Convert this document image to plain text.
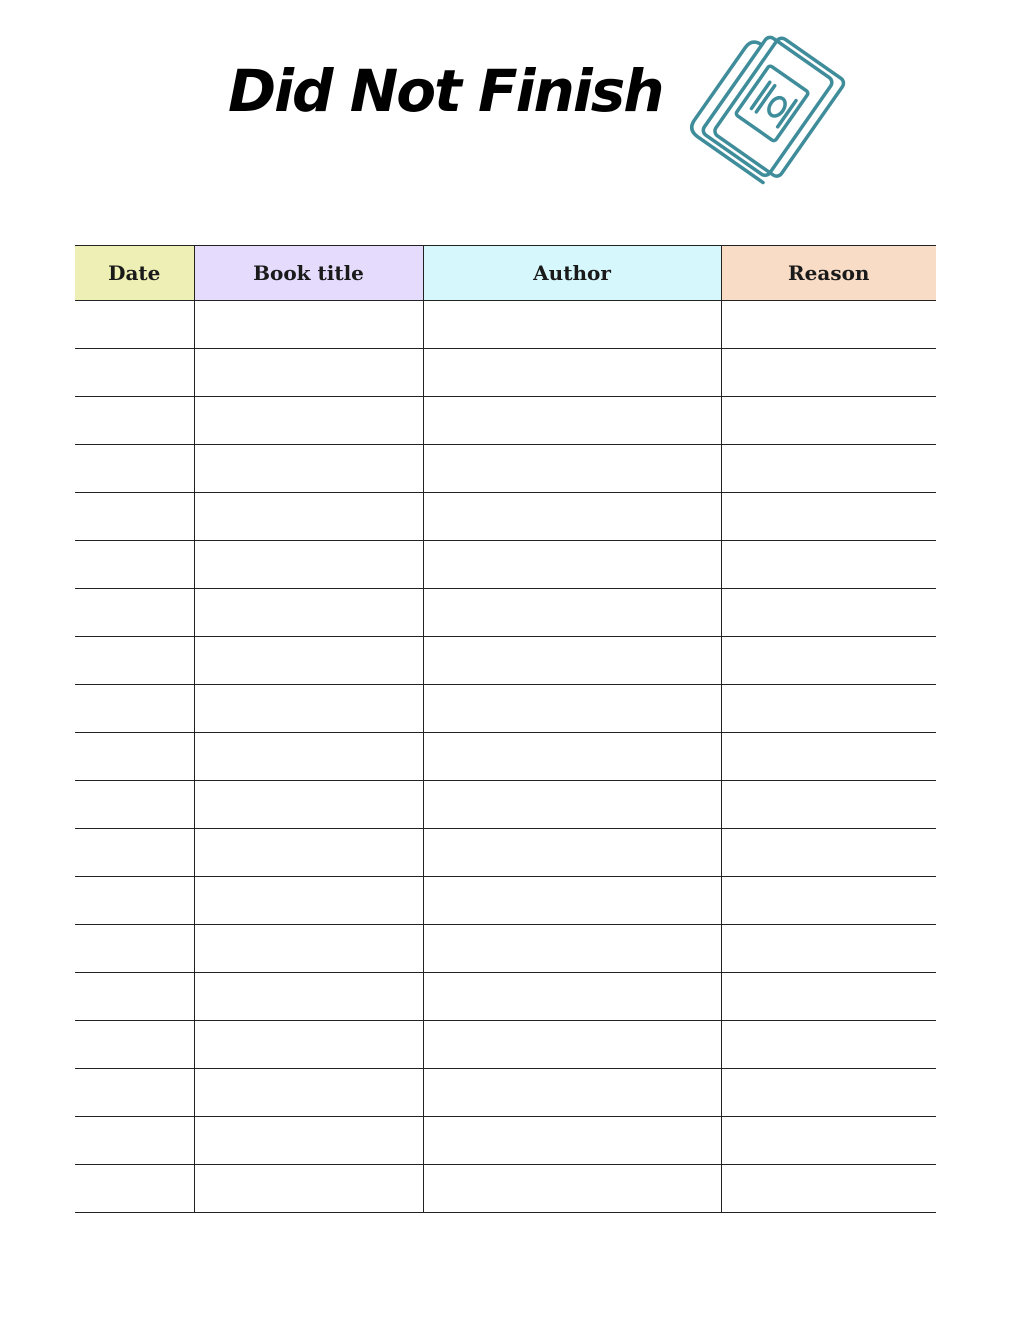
Did Not Finish
Date	Book title	Author	Reason
